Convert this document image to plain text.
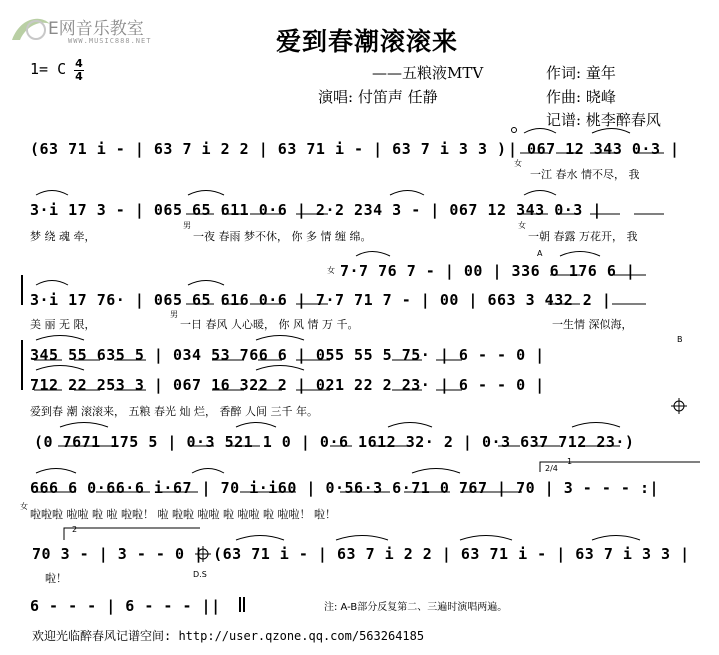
E网音乐教室
WWW.MUSIC888.NET	爱到春潮滚滚来
1= C 4
4	——五粮液MTV
演唱: 付笛声 任静
作词: 童年
作曲: 晓峰
记谱: 桃李醉春风
(63 71 i - | 63 7 i 2 2 | 63 71 i - | 63 7 i 3 3 ) | 067 12 343 0·3 |
3·i 17 3 - | 065 65 611 0·6 | 2·2 234 3 - | 067 12 343 0·3 |
7·7 76 7 - | 00 | 336 6 176 6 |
3·i 17 76· | 065 65 616 0·6 | 7·7 71 7 - | 00 | 663 3 432 2 |
345 55 635 5 | 034 53 766 6 | 055 55 5 75· | 6 - - 0 |
712 22 253 3 | 067 16 322 2 | 021 22 2 23· | 6 - - 0 |
(0 7671 175 5 | 0·3 521 1 0 | 0·6 1612 32· 2 | 0·3 637 712 23·)
666 6 0·66·6 i·67 | 70 i·i60 | 0·56·3 6·71 0 767 | 70 | 3 - - - :|
70 3 - | 3 - - 0 | (63 71 i - | 63 7 i 2 2 | 63 71 i - | 63 7 i 3 3 |
6 - - - | 6 - - - ||
一江 春水 情不尽， 我
梦 绕 魂 牵，	一夜 春雨 梦不休， 你 多 情 缠 绵。	一朝 春露 万花开， 我
美 丽 无 限，	一日 春风 人心暖， 你 风 情 万 千。	一生情 深似海，
爱到春 潮 滚滚来， 五粮 春光 灿 烂， 香醉 人间 三千 年。
啦啦啦 啦啦 啦 啦 啦啦！ 啦 啦啦 啦啦 啦 啦啦 啦 啦啦！ 啦！
啦！
女
男	女
女
男
女
A
B
D.S
1
2/4
2
注: A-B部分反复第二、三遍时演唱两遍。
欢迎光临醉春风记谱空间: http://user.qzone.qq.com/563264185
